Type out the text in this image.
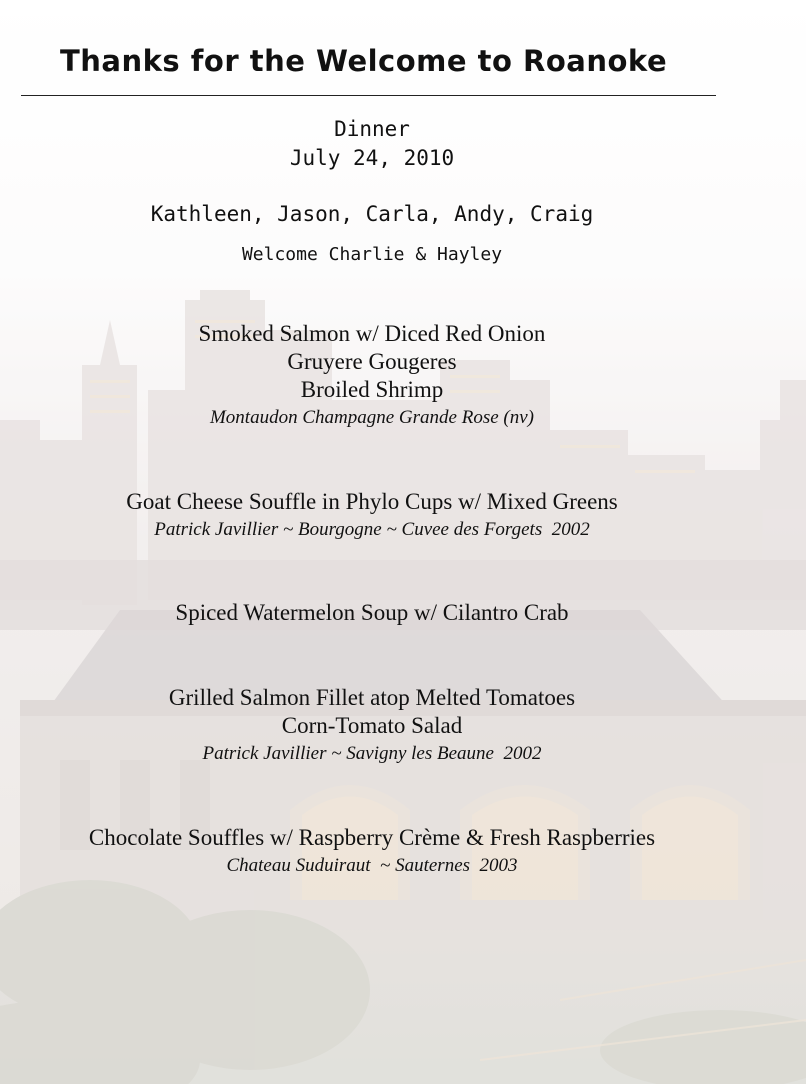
Thanks for the Welcome to Roanoke
Dinner
July 24, 2010
Kathleen, Jason, Carla, Andy, Craig
Welcome Charlie & Hayley
Smoked Salmon w/ Diced Red Onion
Gruyere Gougeres
Broiled Shrimp
Montaudon Champagne Grande Rose (nv)
Goat Cheese Souffle in Phylo Cups w/ Mixed Greens
Patrick Javillier ~ Bourgogne ~ Cuvee des Forgets  2002
Spiced Watermelon Soup w/ Cilantro Crab
Grilled Salmon Fillet atop Melted Tomatoes
Corn-Tomato Salad
Patrick Javillier ~ Savigny les Beaune  2002
Chocolate Souffles w/ Raspberry Crème & Fresh Raspberries
Chateau Suduiraut  ~ Sauternes  2003
